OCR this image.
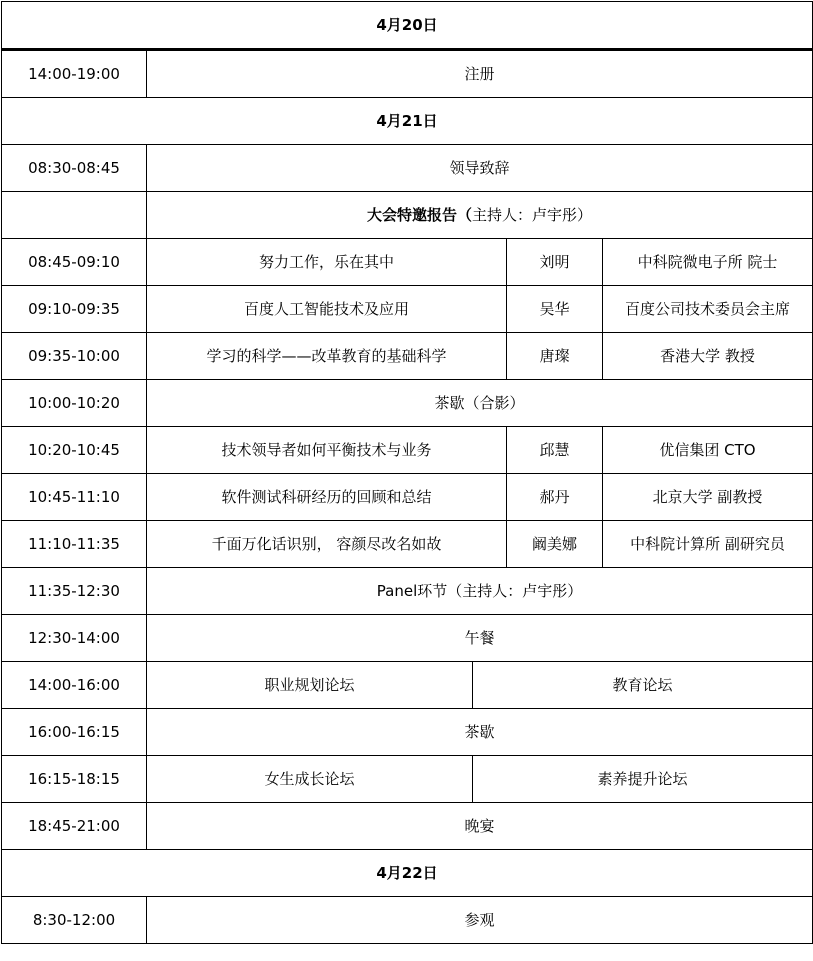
4月20日				
14:00-19:00	注册			
4月21日				
08:30-08:45	领导致辞			
	大会特邀报告（主持人：卢宇彤）			
08:45-09:10	努力工作，乐在其中		刘明	中科院微电子所 院士
09:10-09:35	百度人工智能技术及应用		吴华	百度公司技术委员会主席
09:35-10:00	学习的科学——改革教育的基础科学		唐璨	香港大学 教授
10:00-10:20	茶歇（合影）			
10:20-10:45	技术领导者如何平衡技术与业务		邱慧	优信集团 CTO
10:45-11:10	软件测试科研经历的回顾和总结		郝丹	北京大学 副教授
11:10-11:35	千面万化话识别， 容颜尽改名如故		阚美娜	中科院计算所 副研究员
11:35-12:30	Panel环节（主持人：卢宇彤）			
12:30-14:00	午餐			
14:00-16:00	职业规划论坛	教育论坛		
16:00-16:15	茶歇			
16:15-18:15	女生成长论坛	素养提升论坛		
18:45-21:00	晚宴			
4月22日				
8:30-12:00	参观			
